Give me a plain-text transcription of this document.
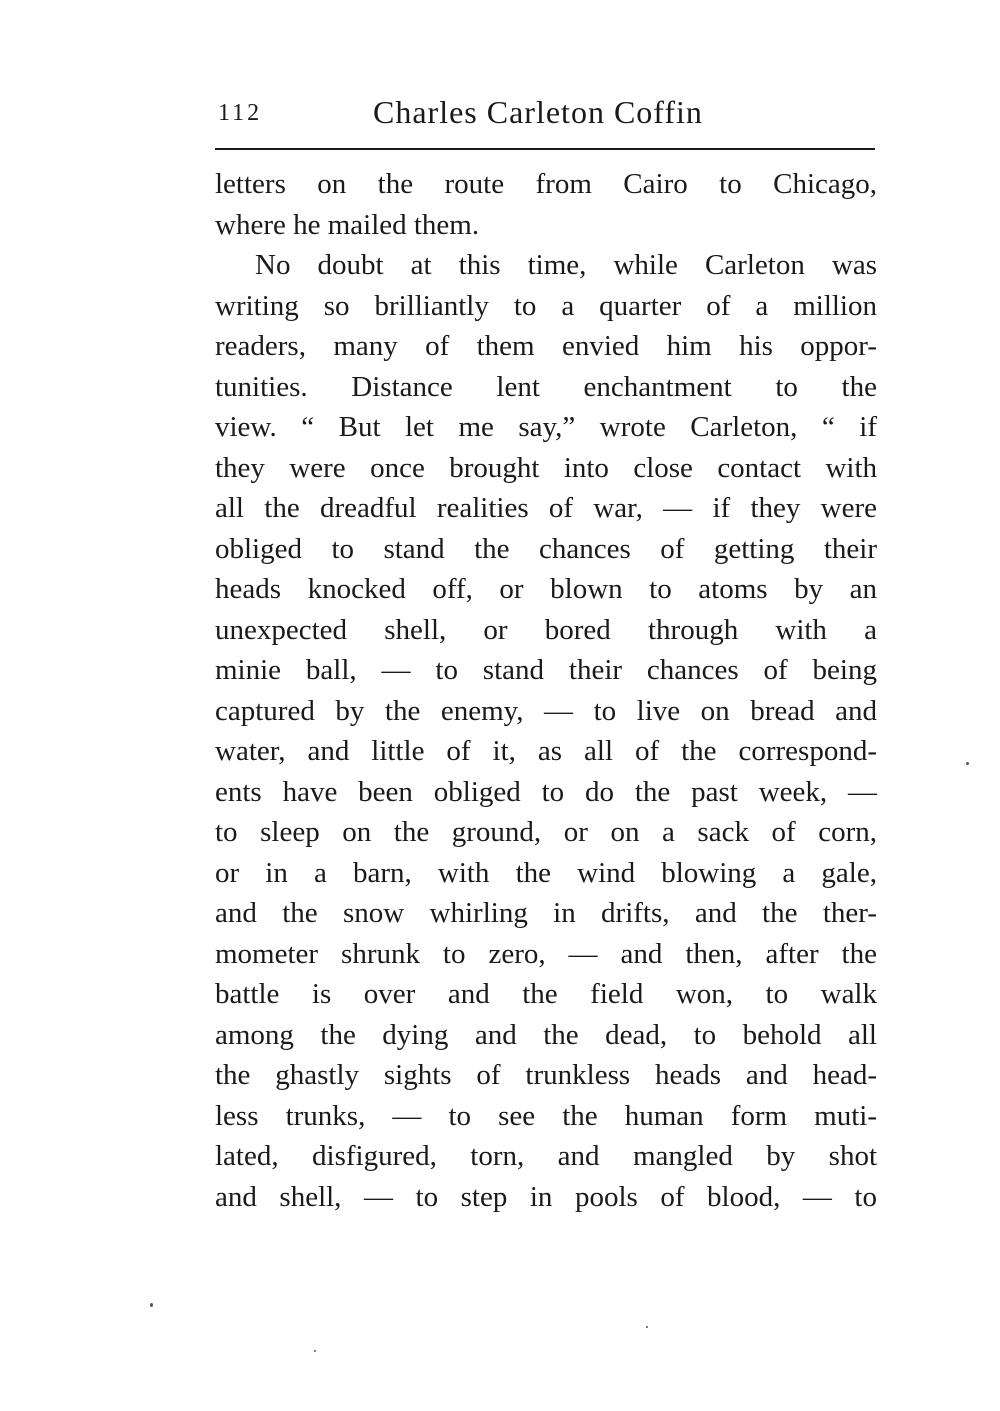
112	Charles Carleton Coffin
letters on the route from Cairo to Chicago,
where he mailed them.
No doubt at this time, while Carleton was
writing so brilliantly to a quarter of a million
readers, many of them envied him his oppor-
tunities. Distance lent enchantment to the
view. “ But let me say,” wrote Carleton, “ if
they were once brought into close contact with
all the dreadful realities of war, — if they were
obliged to stand the chances of getting their
heads knocked off, or blown to atoms by an
unexpected shell, or bored through with a
minie ball, — to stand their chances of being
captured by the enemy, — to live on bread and
water, and little of it, as all of the correspond-
ents have been obliged to do the past week, —
to sleep on the ground, or on a sack of corn,
or in a barn, with the wind blowing a gale,
and the snow whirling in drifts, and the ther-
mometer shrunk to zero, — and then, after the
battle is over and the field won, to walk
among the dying and the dead, to behold all
the ghastly sights of trunkless heads and head-
less trunks, — to see the human form muti-
lated, disfigured, torn, and mangled by shot
and shell, — to step in pools of blood, — to
